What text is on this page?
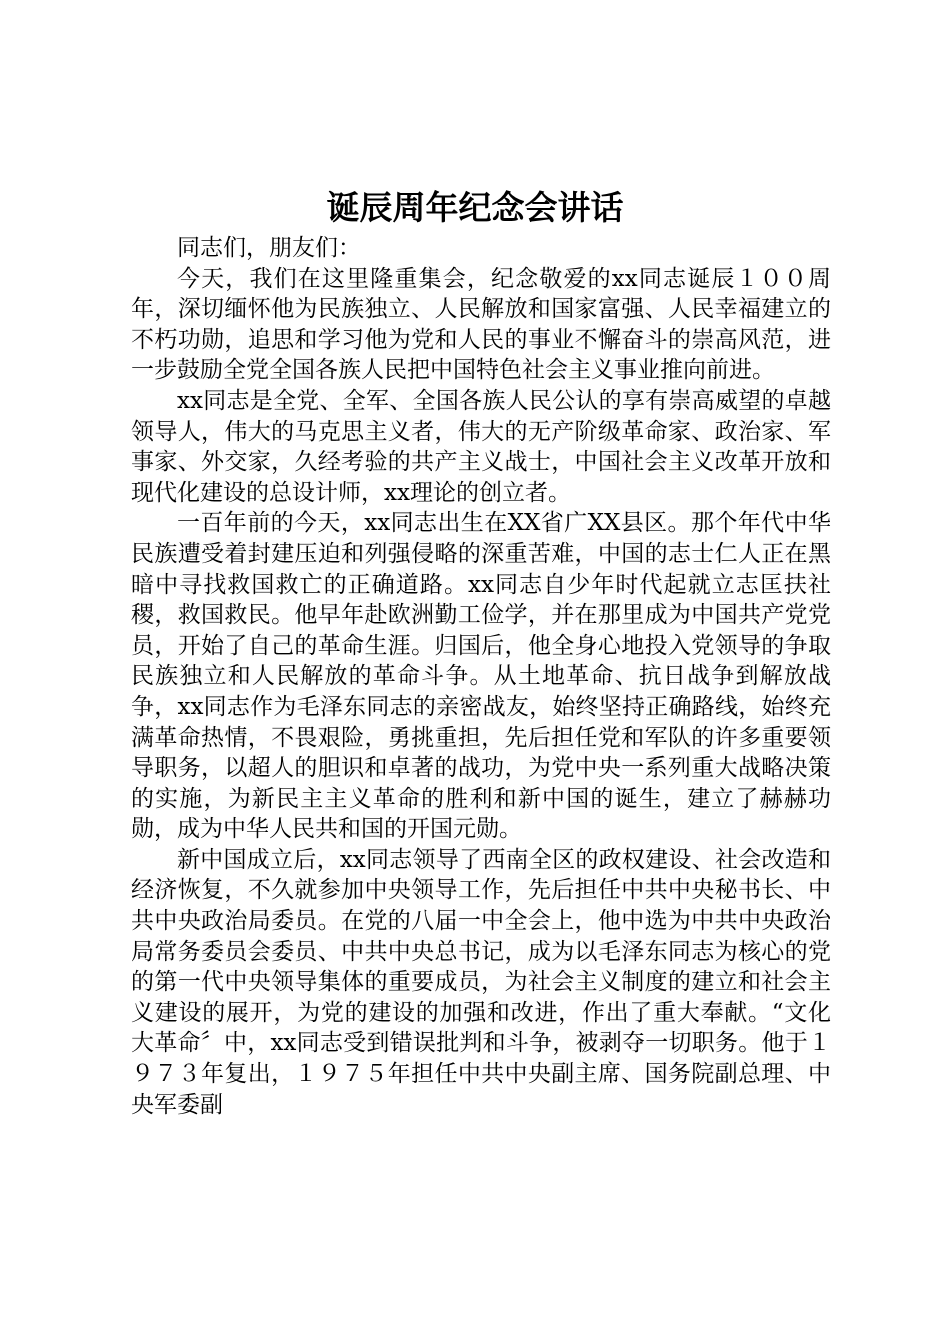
诞辰周年纪念会讲话

同志们，朋友们：

今天，我们在这里隆重集会，纪念敬爱的xx同志诞辰１００周年，深切缅怀他为民族独立、人民解放和国家富强、人民幸福建立的不朽功勋，追思和学习他为党和人民的事业不懈奋斗的崇高风范，进一步鼓励全党全国各族人民把中国特色社会主义事业推向前进。

xx同志是全党、全军、全国各族人民公认的享有崇高威望的卓越领导人，伟大的马克思主义者，伟大的无产阶级革命家、政治家、军事家、外交家，久经考验的共产主义战士，中国社会主义改革开放和现代化建设的总设计师，xx理论的创立者。

一百年前的今天，xx同志出生在XX省广XX县区。那个年代中华民族遭受着封建压迫和列强侵略的深重苦难，中国的志士仁人正在黑暗中寻找救国救亡的正确道路。xx同志自少年时代起就立志匡扶社稷，救国救民。他早年赴欧洲勤工俭学，并在那里成为中国共产党党员，开始了自己的革命生涯。归国后，他全身心地投入党领导的争取民族独立和人民解放的革命斗争。从土地革命、抗日战争到解放战争，xx同志作为毛泽东同志的亲密战友，始终坚持正确路线，始终充满革命热情，不畏艰险，勇挑重担，先后担任党和军队的许多重要领导职务，以超人的胆识和卓著的战功，为党中央一系列重大战略决策的实施，为新民主主义革命的胜利和新中国的诞生，建立了赫赫功勋，成为中华人民共和国的开国元勋。

新中国成立后，xx同志领导了西南全区的政权建设、社会改造和经济恢复，不久就参加中央领导工作，先后担任中共中央秘书长、中共中央政治局委员。在党的八届一中全会上，他中选为中共中央政治局常务委员会委员、中共中央总书记，成为以毛泽东同志为核心的党的第一代中央领导集体的重要成员，为社会主义制度的建立和社会主义建设的展开，为党的建设的加强和改进，作出了重大奉献。“文化大革命〞中，xx同志受到错误批判和斗争，被剥夺一切职务。他于１９７３年复出，１９７５年担任中共中央副主席、国务院副总理、中央军委副
